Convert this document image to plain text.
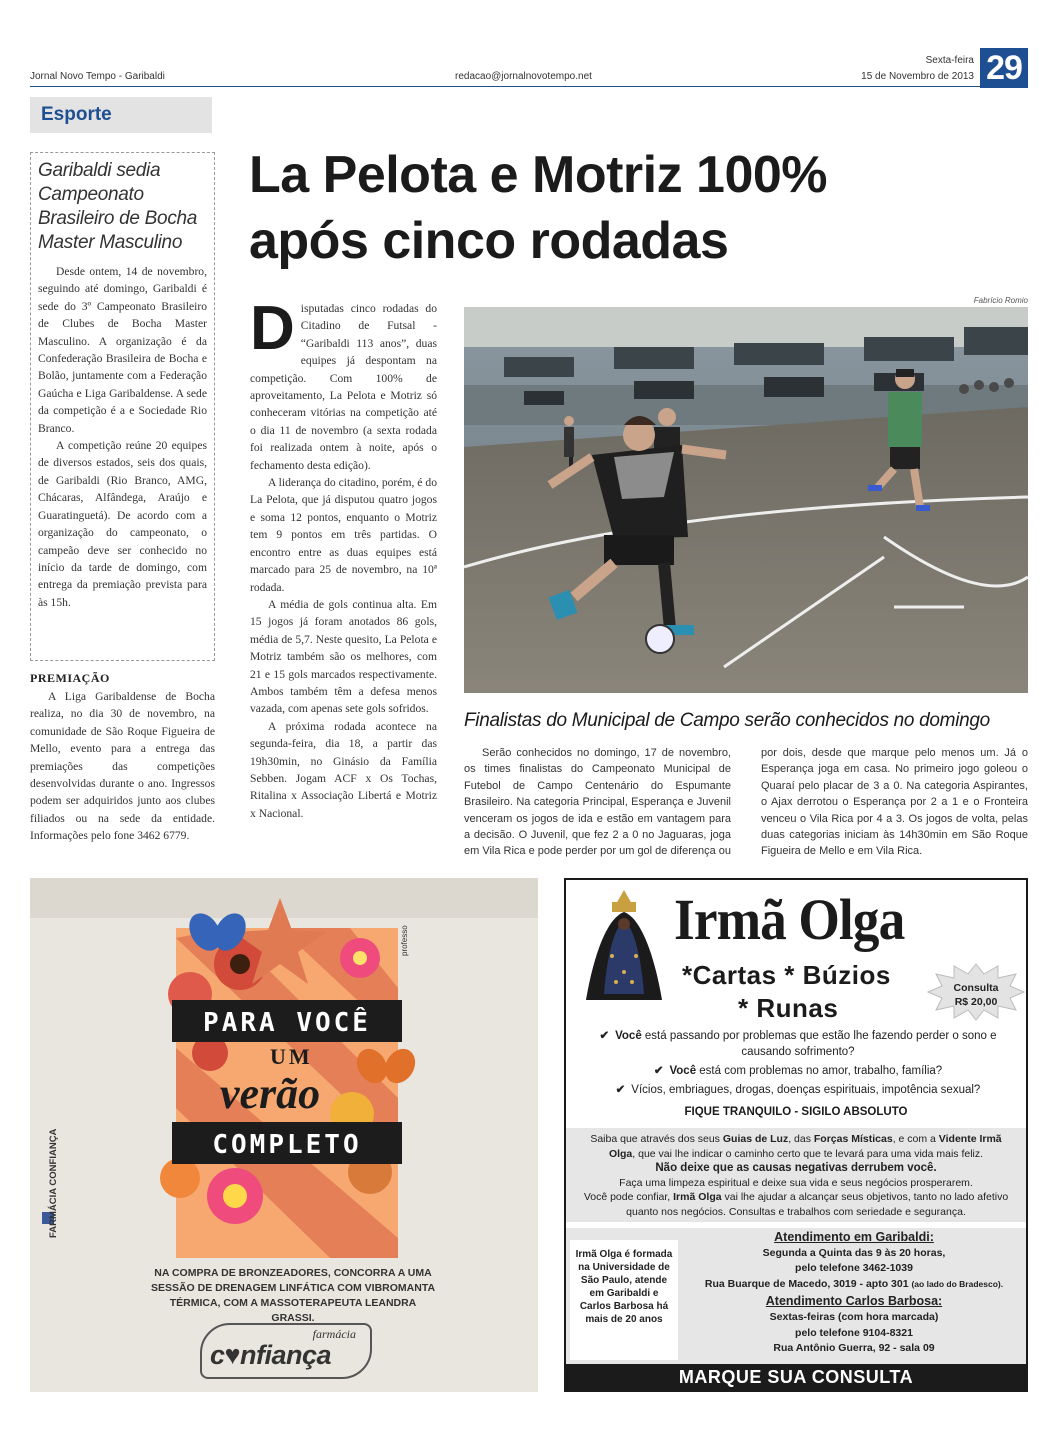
Jornal Novo Tempo - Garibaldi	redacao@jornalnovotempo.net
Sexta-feira
15 de Novembro de 2013 29
Esporte
Garibaldi sedia Campeonato Brasileiro de Bocha Master Masculino

Desde ontem, 14 de novembro, seguindo até domingo, Garibaldi é sede do 3º Campeonato Brasileiro de Clubes de Bocha Master Masculino. A organização é da Confederação Brasileira de Bocha e Bolão, juntamente com a Federação Gaúcha e Liga Garibaldense. A sede da competição é a e Sociedade Rio Branco.

A competição reúne 20 equipes de diversos estados, seis dos quais, de Garibaldi (Rio Branco, AMG, Chácaras, Alfândega, Araújo e Guaratinguetá). De acordo com a organização do campeonato, o campeão deve ser conhecido no início da tarde de domingo, com entrega da premiação prevista para às 15h.

PREMIAÇÃO

A Liga Garibaldense de Bocha realiza, no dia 30 de novembro, na comunidade de São Roque Figueira de Mello, evento para a entrega das premiações das competições desenvolvidas durante o ano. Ingressos podem ser adquiridos junto aos clubes filiados ou na sede da entidade. Informações pelo fone 3462 6779.

La Pelota e Motriz 100% após cinco rodadas

Disputadas cinco rodadas do Citadino de Futsal - “Garibaldi 113 anos”, duas equipes já despontam na competição. Com 100% de aproveitamento, La Pelota e Motriz só conheceram vitórias na competição até o dia 11 de novembro (a sexta rodada foi realizada ontem à noite, após o fechamento desta edição).

A liderança do citadino, porém, é do La Pelota, que já disputou quatro jogos e soma 12 pontos, enquanto o Motriz tem 9 pontos em três partidas. O encontro entre as duas equipes está marcado para 25 de novembro, na 10ª rodada.

A média de gols continua alta. Em 15 jogos já foram anotados 86 gols, média de 5,7. Neste quesito, La Pelota e Motriz também são os melhores, com 21 e 15 gols marcados respectivamente. Ambos também têm a defesa menos vazada, com apenas sete gols sofridos.

A próxima rodada acontece na segunda-feira, dia 18, a partir das 19h30min, no Ginásio da Família Sebben. Jogam ACF x Os Tochas, Ritalina x Associação Libertá e Motriz x Nacional.

Fabrício Romio
Finalistas do Municipal de Campo serão conhecidos no domingo

Serão conhecidos no domingo, 17 de novembro, os times finalistas do Campeonato Municipal de Futebol de Campo Centenário do Espumante Brasileiro. Na categoria Principal, Esperança e Juvenil venceram os jogos de ida e estão em vantagem para a decisão. O Juvenil, que fez 2 a 0 no Jaguaras, joga em Vila Rica e pode perder por um gol de diferença ou por dois, desde que marque pelo menos um. Já o Esperança joga em casa. No primeiro jogo goleou o Quaraí pelo placar de 3 a 0. Na categoria Aspirantes, o Ajax derrotou o Esperança por 2 a 1 e o Fronteira venceu o Vila Rica por 4 a 3. Os jogos de volta, pelas duas categorias iniciam às 14h30min em São Roque Figueira de Mello e em Vila Rica.

PARA VOCÊ
UM
verão
COMPLETO
FARMÁCIA CONFIANÇA
professo
NA COMPRA DE BRONZEADORES, CONCORRA A UMA SESSÃO DE DRENAGEM LINFÁTICA COM VIBROMANTA TÉRMICA, COM A MASSOTERAPEUTA LEANDRA GRASSI.
farmácia
c♥nfiança
Irmã Olga
*Cartas * Búzios
* Runas
Consulta
R$ 20,00
✔ Você está passando por problemas que estão lhe fazendo perder o sono e causando sofrimento?
✔ Você está com problemas no amor, trabalho, família?
✔ Vícios, embriagues, drogas, doenças espirituais, impotência sexual?
FIQUE TRANQUILO - SIGILO ABSOLUTO
Saiba que através dos seus Guias de Luz, das Forças Místicas, e com a Vidente Irmã Olga, que vai lhe indicar o caminho certo que te levará para uma vida mais feliz.
Não deixe que as causas negativas derrubem você.
Faça uma limpeza espiritual e deixe sua vida e seus negócios prosperarem.
Você pode confiar, Irmã Olga vai lhe ajudar a alcançar seus objetivos, tanto no lado afetivo quanto nos negócios. Consultas e trabalhos com seriedade e segurança.
Irmã Olga é formada na Universidade de São Paulo, atende em Garibaldi e Carlos Barbosa há mais de 20 anos
Atendimento em Garibaldi:
Segunda a Quinta das 9 às 20 horas,
pelo telefone 3462-1039
Rua Buarque de Macedo, 3019 - apto 301 (ao lado do Bradesco).
Atendimento Carlos Barbosa:
Sextas-feiras (com hora marcada)
pelo telefone 9104-8321
Rua Antônio Guerra, 92 - sala 09
MARQUE SUA CONSULTA
